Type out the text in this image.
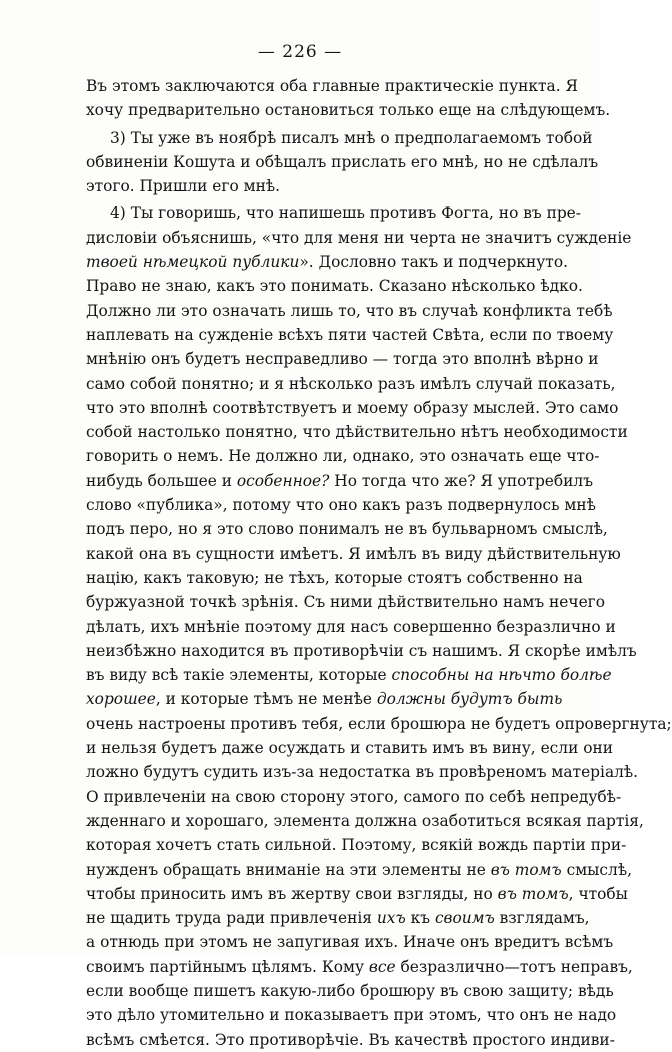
— 226 —
Въ этомъ заключаются оба главные практическіе пункта. Я
хочу предварительно остановиться только еще на слѣдующемъ.
3) Ты уже въ ноябрѣ писалъ мнѣ о предполагаемомъ тобой
обвиненіи Кошута и обѣщалъ прислать его мнѣ, но не сдѣлалъ
этого. Пришли его мнѣ.
4) Ты говоришь, что напишешь противъ Фогта, но въ пре-
дисловіи объяснишь, «что для меня ни черта не значитъ сужденіе
твоей нѣмецкой публики». Дословно такъ и подчеркнуто.
Право не знаю, какъ это понимать. Сказано нѣсколько ѣдко.
Должно ли это означать лишь то, что въ случаѣ конфликта тебѣ
наплевать на сужденіе всѣхъ пяти частей Свѣта, если по твоему
мнѣнію онъ будетъ несправедливо — тогда это вполнѣ вѣрно и
само собой понятно; и я нѣсколько разъ имѣлъ случай показать,
что это вполнѣ соотвѣтствуетъ и моему образу мыслей. Это само
собой настолько понятно, что дѣйствительно нѣтъ необходимости
говорить о немъ. Не должно ли, однако, это означать еще что-
нибудь большее и особенное? Но тогда что же? Я употребилъ
слово «публика», потому что оно какъ разъ подвернулось мнѣ
подъ перо, но я это слово понималъ не въ бульварномъ смыслѣ,
какой она въ сущности имѣетъ. Я имѣлъ въ виду дѣйствительную
націю, какъ таковую; не тѣхъ, которые стоятъ собственно на
буржуазной точкѣ зрѣнія. Съ ними дѣйствительно намъ нечего
дѣлать, ихъ мнѣніе поэтому для насъ совершенно безразлично и
неизбѣжно находится въ противорѣчіи съ нашимъ. Я скорѣе имѣлъ
въ виду всѣ такіе элементы, которые способны на нѣчто болѣе
хорошее, и которые тѣмъ не менѣе должны будутъ быть
очень настроены противъ тебя, если брошюра не будетъ опровергнута;
и нельзя будетъ даже осуждать и ставить имъ въ вину, если они
ложно будутъ судить изъ-за недостатка въ провѣреномъ матеріалѣ.
О привлеченіи на свою сторону этого, самого по себѣ непредубѣ-
жденнаго и хорошаго, элемента должна озаботиться всякая партія,
которая хочетъ стать сильной. Поэтому, всякій вождь партіи при-
нужденъ обращать вниманіе на эти элементы не въ томъ смыслѣ,
чтобы приносить имъ въ жертву свои взгляды, но въ томъ, чтобы
не щадить труда ради привлеченія ихъ къ своимъ взглядамъ,
а отнюдь при этомъ не запугивая ихъ. Иначе онъ вредитъ всѣмъ
своимъ партійнымъ цѣлямъ. Кому все безразлично—тотъ неправъ,
если вообще пишетъ какую-либо брошюру въ свою защиту; вѣдь
это дѣло утомительно и показываетъ при этомъ, что онъ не надо
всѣмъ смѣется. Это противорѣчіе. Въ качествѣ простого индиви-
